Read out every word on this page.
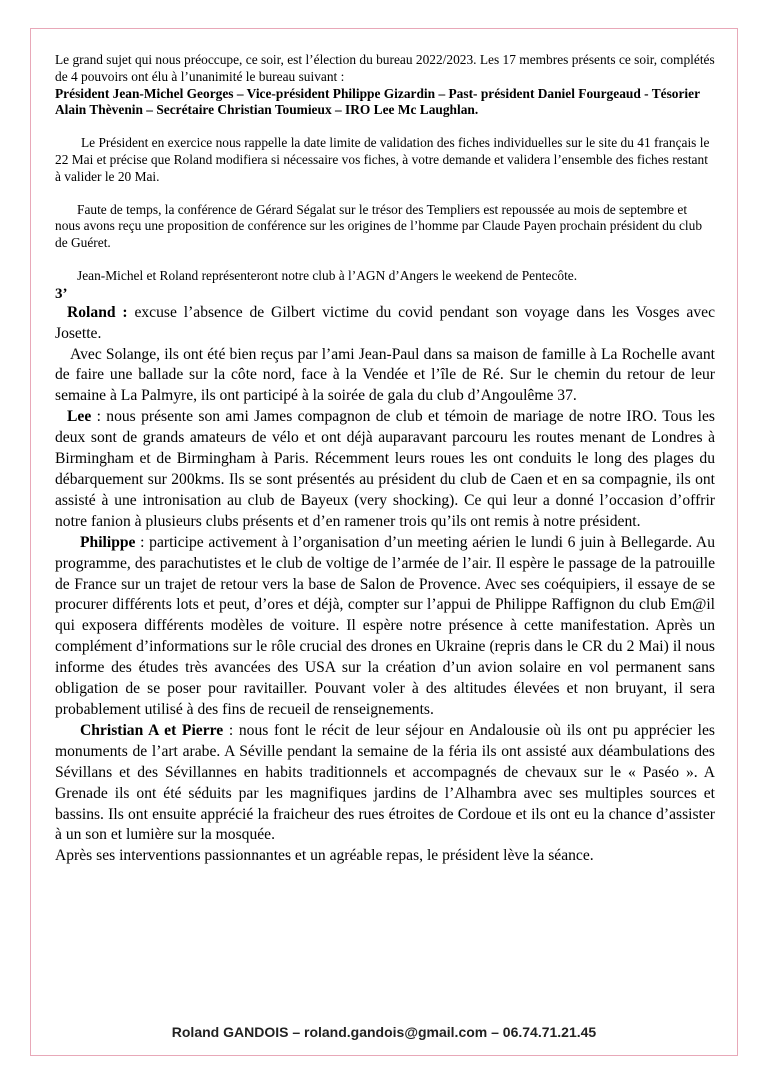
Le grand sujet qui nous préoccupe, ce soir, est l’élection du bureau 2022/2023. Les 17 membres présents ce soir, complétés de 4 pouvoirs ont élu à l’unanimité le bureau suivant :

Président Jean-Michel Georges – Vice-président Philippe Gizardin – Past- président Daniel Fourgeaud - Tésorier Alain Thèvenin – Secrétaire Christian Toumieux – IRO Lee Mc Laughlan.

Le Président en exercice nous rappelle la date limite de validation des fiches individuelles sur le site du 41 français le 22 Mai et précise que Roland modifiera si nécessaire vos fiches, à votre demande et validera l’ensemble des fiches restant à valider le 20 Mai.

Faute de temps, la conférence de Gérard Ségalat sur le trésor des Templiers est repoussée au mois de septembre et nous avons reçu une proposition de conférence sur les origines de l’homme par Claude Payen prochain président du club de Guéret.

Jean-Michel et Roland représenteront notre club à l’AGN d’Angers le weekend de Pentecôte.

3’

Roland : excuse l’absence de Gilbert victime du covid pendant son voyage dans les Vosges avec Josette.

Avec Solange, ils ont été bien reçus par l’ami Jean-Paul dans sa maison de famille à La Rochelle avant de faire une ballade sur la côte nord, face à la Vendée et l’île de Ré. Sur le chemin du retour de leur semaine à La Palmyre, ils ont participé à la soirée de gala du club d’Angoulême 37.

Lee : nous présente son ami James compagnon de club et témoin de mariage de notre IRO. Tous les deux sont de grands amateurs de vélo et ont déjà auparavant parcouru les routes menant de Londres à Birmingham et de Birmingham à Paris. Récemment leurs roues les ont conduits le long des plages du débarquement sur 200kms. Ils se sont présentés au président du club de Caen et en sa compagnie, ils ont assisté à une intronisation au club de Bayeux (very shocking). Ce qui leur a donné l’occasion d’offrir notre fanion à plusieurs clubs présents et d’en ramener trois qu’ils ont remis à notre président.

Philippe : participe activement à l’organisation d’un meeting aérien le lundi 6 juin à Bellegarde. Au programme, des parachutistes et le club de voltige de l’armée de l’air. Il espère le passage de la patrouille de France sur un trajet de retour vers la base de Salon de Provence. Avec ses coéquipiers, il essaye de se procurer différents lots et peut, d’ores et déjà, compter sur l’appui de Philippe Raffignon du club Em@il qui exposera différents modèles de voiture. Il espère notre présence à cette manifestation. Après un complément d’informations sur le rôle crucial des drones en Ukraine (repris dans le CR du 2 Mai) il nous informe des études très avancées des USA sur la création d’un avion solaire en vol permanent sans obligation de se poser pour ravitailler. Pouvant voler à des altitudes élevées et non bruyant, il sera probablement utilisé à des fins de recueil de renseignements.

Christian A et Pierre : nous font le récit de leur séjour en Andalousie où ils ont pu apprécier les monuments de l’art arabe. A Séville pendant la semaine de la féria ils ont assisté aux déambulations des Sévillans et des Sévillannes en habits traditionnels et accompagnés de chevaux sur le « Paséo ». A Grenade ils ont été séduits par les magnifiques jardins de l’Alhambra avec ses multiples sources et bassins. Ils ont ensuite apprécié la fraicheur des rues étroites de Cordoue et ils ont eu la chance d’assister à un son et lumière sur la mosquée.

Après ses interventions passionnantes et un agréable repas, le président lève la séance.

Roland GANDOIS – roland.gandois@gmail.com – 06.74.71.21.45
